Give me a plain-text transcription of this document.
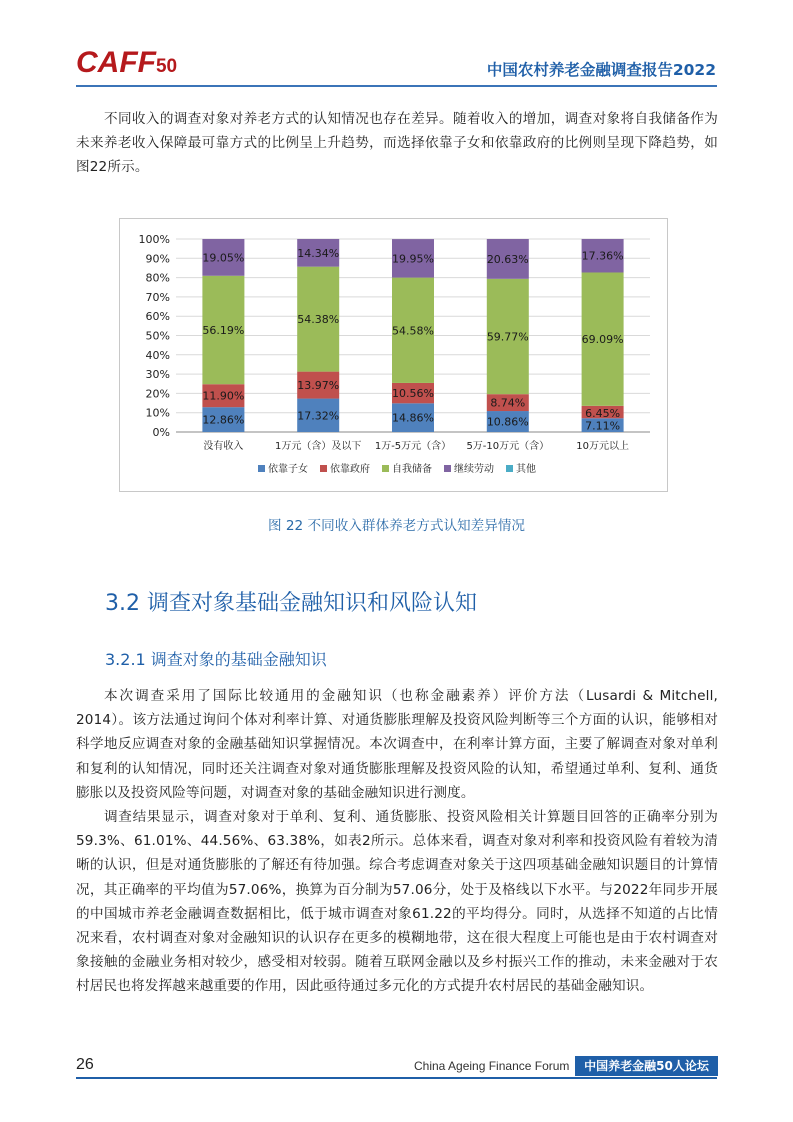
CAFF50	中国农村养老金融调查报告2022

不同收入的调查对象对养老方式的认知情况也存在差异。随着收入的增加，调查对象将自我储备作为未来养老收入保障最可靠方式的比例呈上升趋势，而选择依靠子女和依靠政府的比例则呈现下降趋势，如图22所示。

0%
10%
20%
30%
40%
50%
60%
70%
80%
90%
100%
12.86%
11.90%
56.19%
19.05%
没有收入
17.32%
13.97%
54.38%
14.34%
1万元（含）及以下
14.86%
10.56%
54.58%
19.95%
1万-5万元（含）
10.86%
8.74%
59.77%
20.63%
5万-10万元（含）
7.11%
6.45%
69.09%
17.36%
10万元以上
依靠子女 依靠政府 自我储备 继续劳动 其他
图 22 不同收入群体养老方式认知差异情况
3.2 调查对象基础金融知识和风险认知
3.2.1 调查对象的基础金融知识

本次调查采用了国际比较通用的金融知识（也称金融素养）评价方法（Lusardi & Mitchell, 2014）。该方法通过询问个体对利率计算、对通货膨胀理解及投资风险判断等三个方面的认识，能够相对科学地反应调查对象的金融基础知识掌握情况。本次调查中，在利率计算方面，主要了解调查对象对单利和复利的认知情况，同时还关注调查对象对通货膨胀理解及投资风险的认知，希望通过单利、复利、通货膨胀以及投资风险等问题，对调查对象的基础金融知识进行测度。

调查结果显示，调查对象对于单利、复利、通货膨胀、投资风险相关计算题目回答的正确率分别为59.3%、61.01%、44.56%、63.38%，如表2所示。总体来看，调查对象对利率和投资风险有着较为清晰的认识，但是对通货膨胀的了解还有待加强。综合考虑调查对象关于这四项基础金融知识题目的计算情况，其正确率的平均值为57.06%，换算为百分制为57.06分，处于及格线以下水平。与2022年同步开展的中国城市养老金融调查数据相比，低于城市调查对象61.22的平均得分。同时，从选择不知道的占比情况来看，农村调查对象对金融知识的认识存在更多的模糊地带，这在很大程度上可能也是由于农村调查对象接触的金融业务相对较少，感受相对较弱。随着互联网金融以及乡村振兴工作的推动，未来金融对于农村居民也将发挥越来越重要的作用，因此亟待通过多元化的方式提升农村居民的基础金融知识。

26	China Ageing Finance Forum	中国养老金融50人论坛
